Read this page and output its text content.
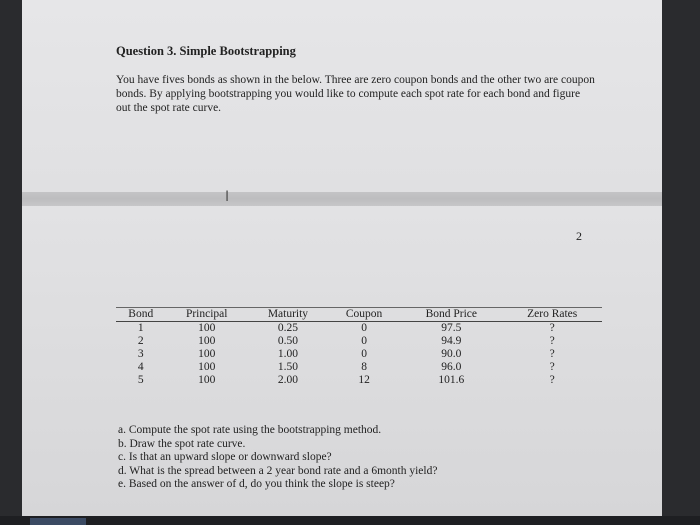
Question 3. Simple Bootstrapping
You have fives bonds as shown in the below. Three are zero coupon bonds and the other two are coupon bonds. By applying bootstrapping you would like to compute each spot rate for each bond and figure out the spot rate curve.
I
2
Bond	Principal	Maturity	Coupon	Bond Price	Zero Rates
1	100	0.25	0	97.5	?
2	100	0.50	0	94.9	?
3	100	1.00	0	90.0	?
4	100	1.50	8	96.0	?
5	100	2.00	12	101.6	?
a. Compute the spot rate using the bootstrapping method.
b. Draw the spot rate curve.
c. Is that an upward slope or downward slope?
d. What is the spread between a 2 year bond rate and a 6month yield?
e. Based on the answer of d, do you think the slope is steep?
